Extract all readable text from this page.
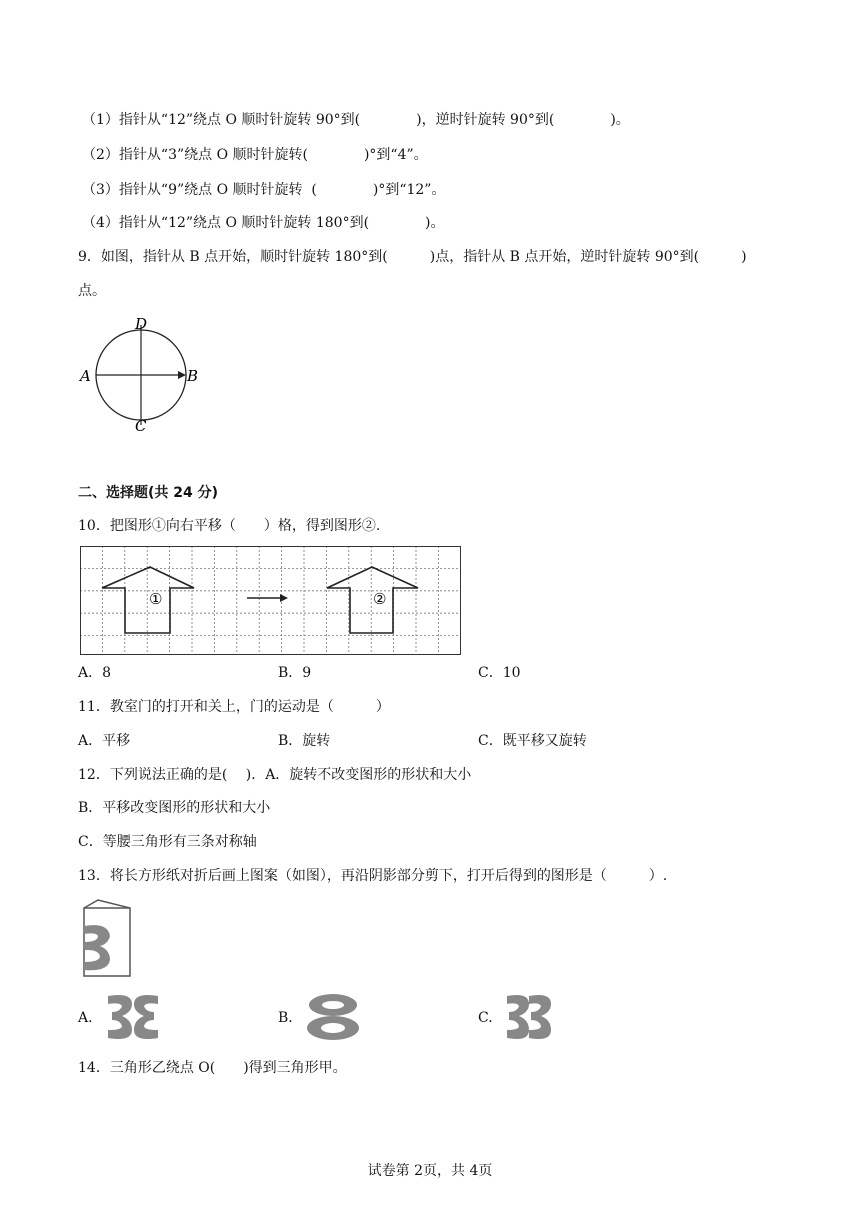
（1）指针从“12”绕点 O 顺时针旋转 90°到(　　　　)，逆时针旋转 90°到(　　　　)。
（2）指针从“3”绕点 O 顺时针旋转(　　　　)°到“4”。
（3）指针从“9”绕点 O 顺时针旋转  (　　　　)°到“12”。
（4）指针从“12”绕点 O 顺时针旋转 180°到(　　　　)。
9．如图，指针从 B 点开始，顺时针旋转 180°到(　　　)点，指针从 B 点开始，逆时针旋转 90°到(　　　)
点。
A	B
C
D
二、选择题(共 24 分)
10．把图形①向右平移（　　）格，得到图形②.
①	②
A．8	B．9	C．10
11．教室门的打开和关上，门的运动是（　　　）
A．平移	B．旋转	C．既平移又旋转
12．下列说法正确的是(　 )．A．旋转不改变图形的形状和大小
B．平移改变图形的形状和大小
C．等腰三角形有三条对称轴
13．将长方形纸对折后画上图案（如图），再沿阴影部分剪下，打开后得到的图形是（　　　）.
A.	B.	C.
14．三角形乙绕点 O(　　)得到三角形甲。
试卷第 2页，共 4页
